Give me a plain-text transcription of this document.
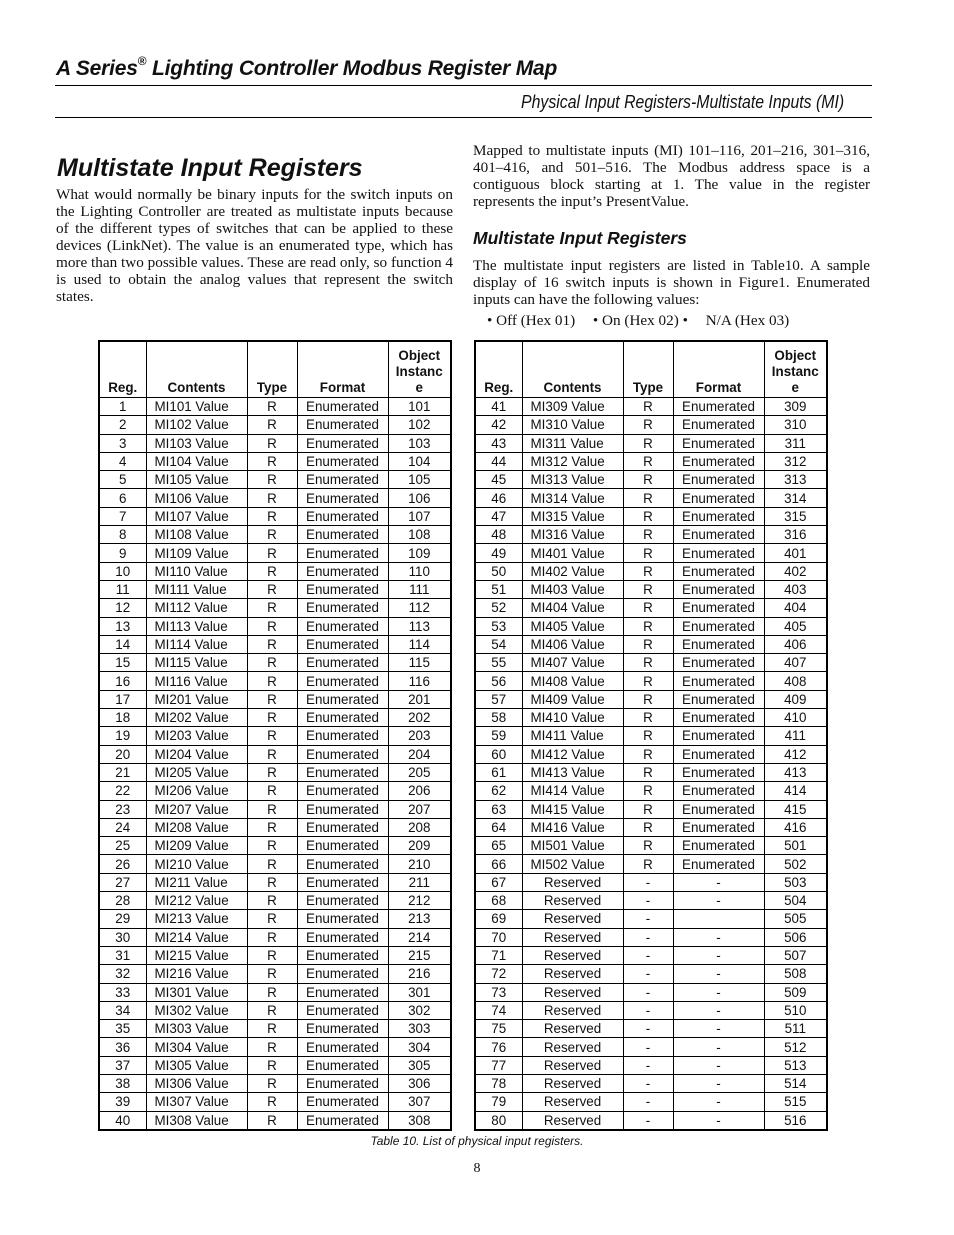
A Series® Lighting Controller Modbus Register Map
Physical Input Registers-Multistate Inputs (MI)
Multistate Input Registers
What would normally be binary inputs for the switch inputs on the Lighting Controller are treated as multistate inputs because of the different types of switches that can be applied to these devices (LinkNet). The value is an enumerated type, which has more than two possible values. These are read only, so function 4 is used to obtain the analog values that represent the switch states.
Mapped to multistate inputs (MI) 101–116, 201–216, 301–316, 401–416, and 501–516. The Modbus address space is a contiguous block starting at 1. The value in the register represents the input’s PresentValue.
Multistate Input Registers
The multistate input registers are listed in Table10. A sample display of 16 switch inputs is shown in Figure1. Enumerated inputs can have the following values:
• Off (Hex 01) • On (Hex 02) • N/A (Hex 03)
Reg.	Contents	Type	Format	Object
Instanc
e
1	MI101 Value	R	Enumerated	101
2	MI102 Value	R	Enumerated	102
3	MI103 Value	R	Enumerated	103
4	MI104 Value	R	Enumerated	104
5	MI105 Value	R	Enumerated	105
6	MI106 Value	R	Enumerated	106
7	MI107 Value	R	Enumerated	107
8	MI108 Value	R	Enumerated	108
9	MI109 Value	R	Enumerated	109
10	MI110 Value	R	Enumerated	110
11	MI111 Value	R	Enumerated	111
12	MI112 Value	R	Enumerated	112
13	MI113 Value	R	Enumerated	113
14	MI114 Value	R	Enumerated	114
15	MI115 Value	R	Enumerated	115
16	MI116 Value	R	Enumerated	116
17	MI201 Value	R	Enumerated	201
18	MI202 Value	R	Enumerated	202
19	MI203 Value	R	Enumerated	203
20	MI204 Value	R	Enumerated	204
21	MI205 Value	R	Enumerated	205
22	MI206 Value	R	Enumerated	206
23	MI207 Value	R	Enumerated	207
24	MI208 Value	R	Enumerated	208
25	MI209 Value	R	Enumerated	209
26	MI210 Value	R	Enumerated	210
27	MI211 Value	R	Enumerated	211
28	MI212 Value	R	Enumerated	212
29	MI213 Value	R	Enumerated	213
30	MI214 Value	R	Enumerated	214
31	MI215 Value	R	Enumerated	215
32	MI216 Value	R	Enumerated	216
33	MI301 Value	R	Enumerated	301
34	MI302 Value	R	Enumerated	302
35	MI303 Value	R	Enumerated	303
36	MI304 Value	R	Enumerated	304
37	MI305 Value	R	Enumerated	305
38	MI306 Value	R	Enumerated	306
39	MI307 Value	R	Enumerated	307
40	MI308 Value	R	Enumerated	308
Reg.	Contents	Type	Format	Object
Instanc
e
41	MI309 Value	R	Enumerated	309
42	MI310 Value	R	Enumerated	310
43	MI311 Value	R	Enumerated	311
44	MI312 Value	R	Enumerated	312
45	MI313 Value	R	Enumerated	313
46	MI314 Value	R	Enumerated	314
47	MI315 Value	R	Enumerated	315
48	MI316 Value	R	Enumerated	316
49	MI401 Value	R	Enumerated	401
50	MI402 Value	R	Enumerated	402
51	MI403 Value	R	Enumerated	403
52	MI404 Value	R	Enumerated	404
53	MI405 Value	R	Enumerated	405
54	MI406 Value	R	Enumerated	406
55	MI407 Value	R	Enumerated	407
56	MI408 Value	R	Enumerated	408
57	MI409 Value	R	Enumerated	409
58	MI410 Value	R	Enumerated	410
59	MI411 Value	R	Enumerated	411
60	MI412 Value	R	Enumerated	412
61	MI413 Value	R	Enumerated	413
62	MI414 Value	R	Enumerated	414
63	MI415 Value	R	Enumerated	415
64	MI416 Value	R	Enumerated	416
65	MI501 Value	R	Enumerated	501
66	MI502 Value	R	Enumerated	502
67	Reserved	-	-	503
68	Reserved	-	-	504
69	Reserved	-		505
70	Reserved	-	-	506
71	Reserved	-	-	507
72	Reserved	-	-	508
73	Reserved	-	-	509
74	Reserved	-	-	510
75	Reserved	-	-	511
76	Reserved	-	-	512
77	Reserved	-	-	513
78	Reserved	-	-	514
79	Reserved	-	-	515
80	Reserved	-	-	516
Table 10. List of physical input registers.
8
